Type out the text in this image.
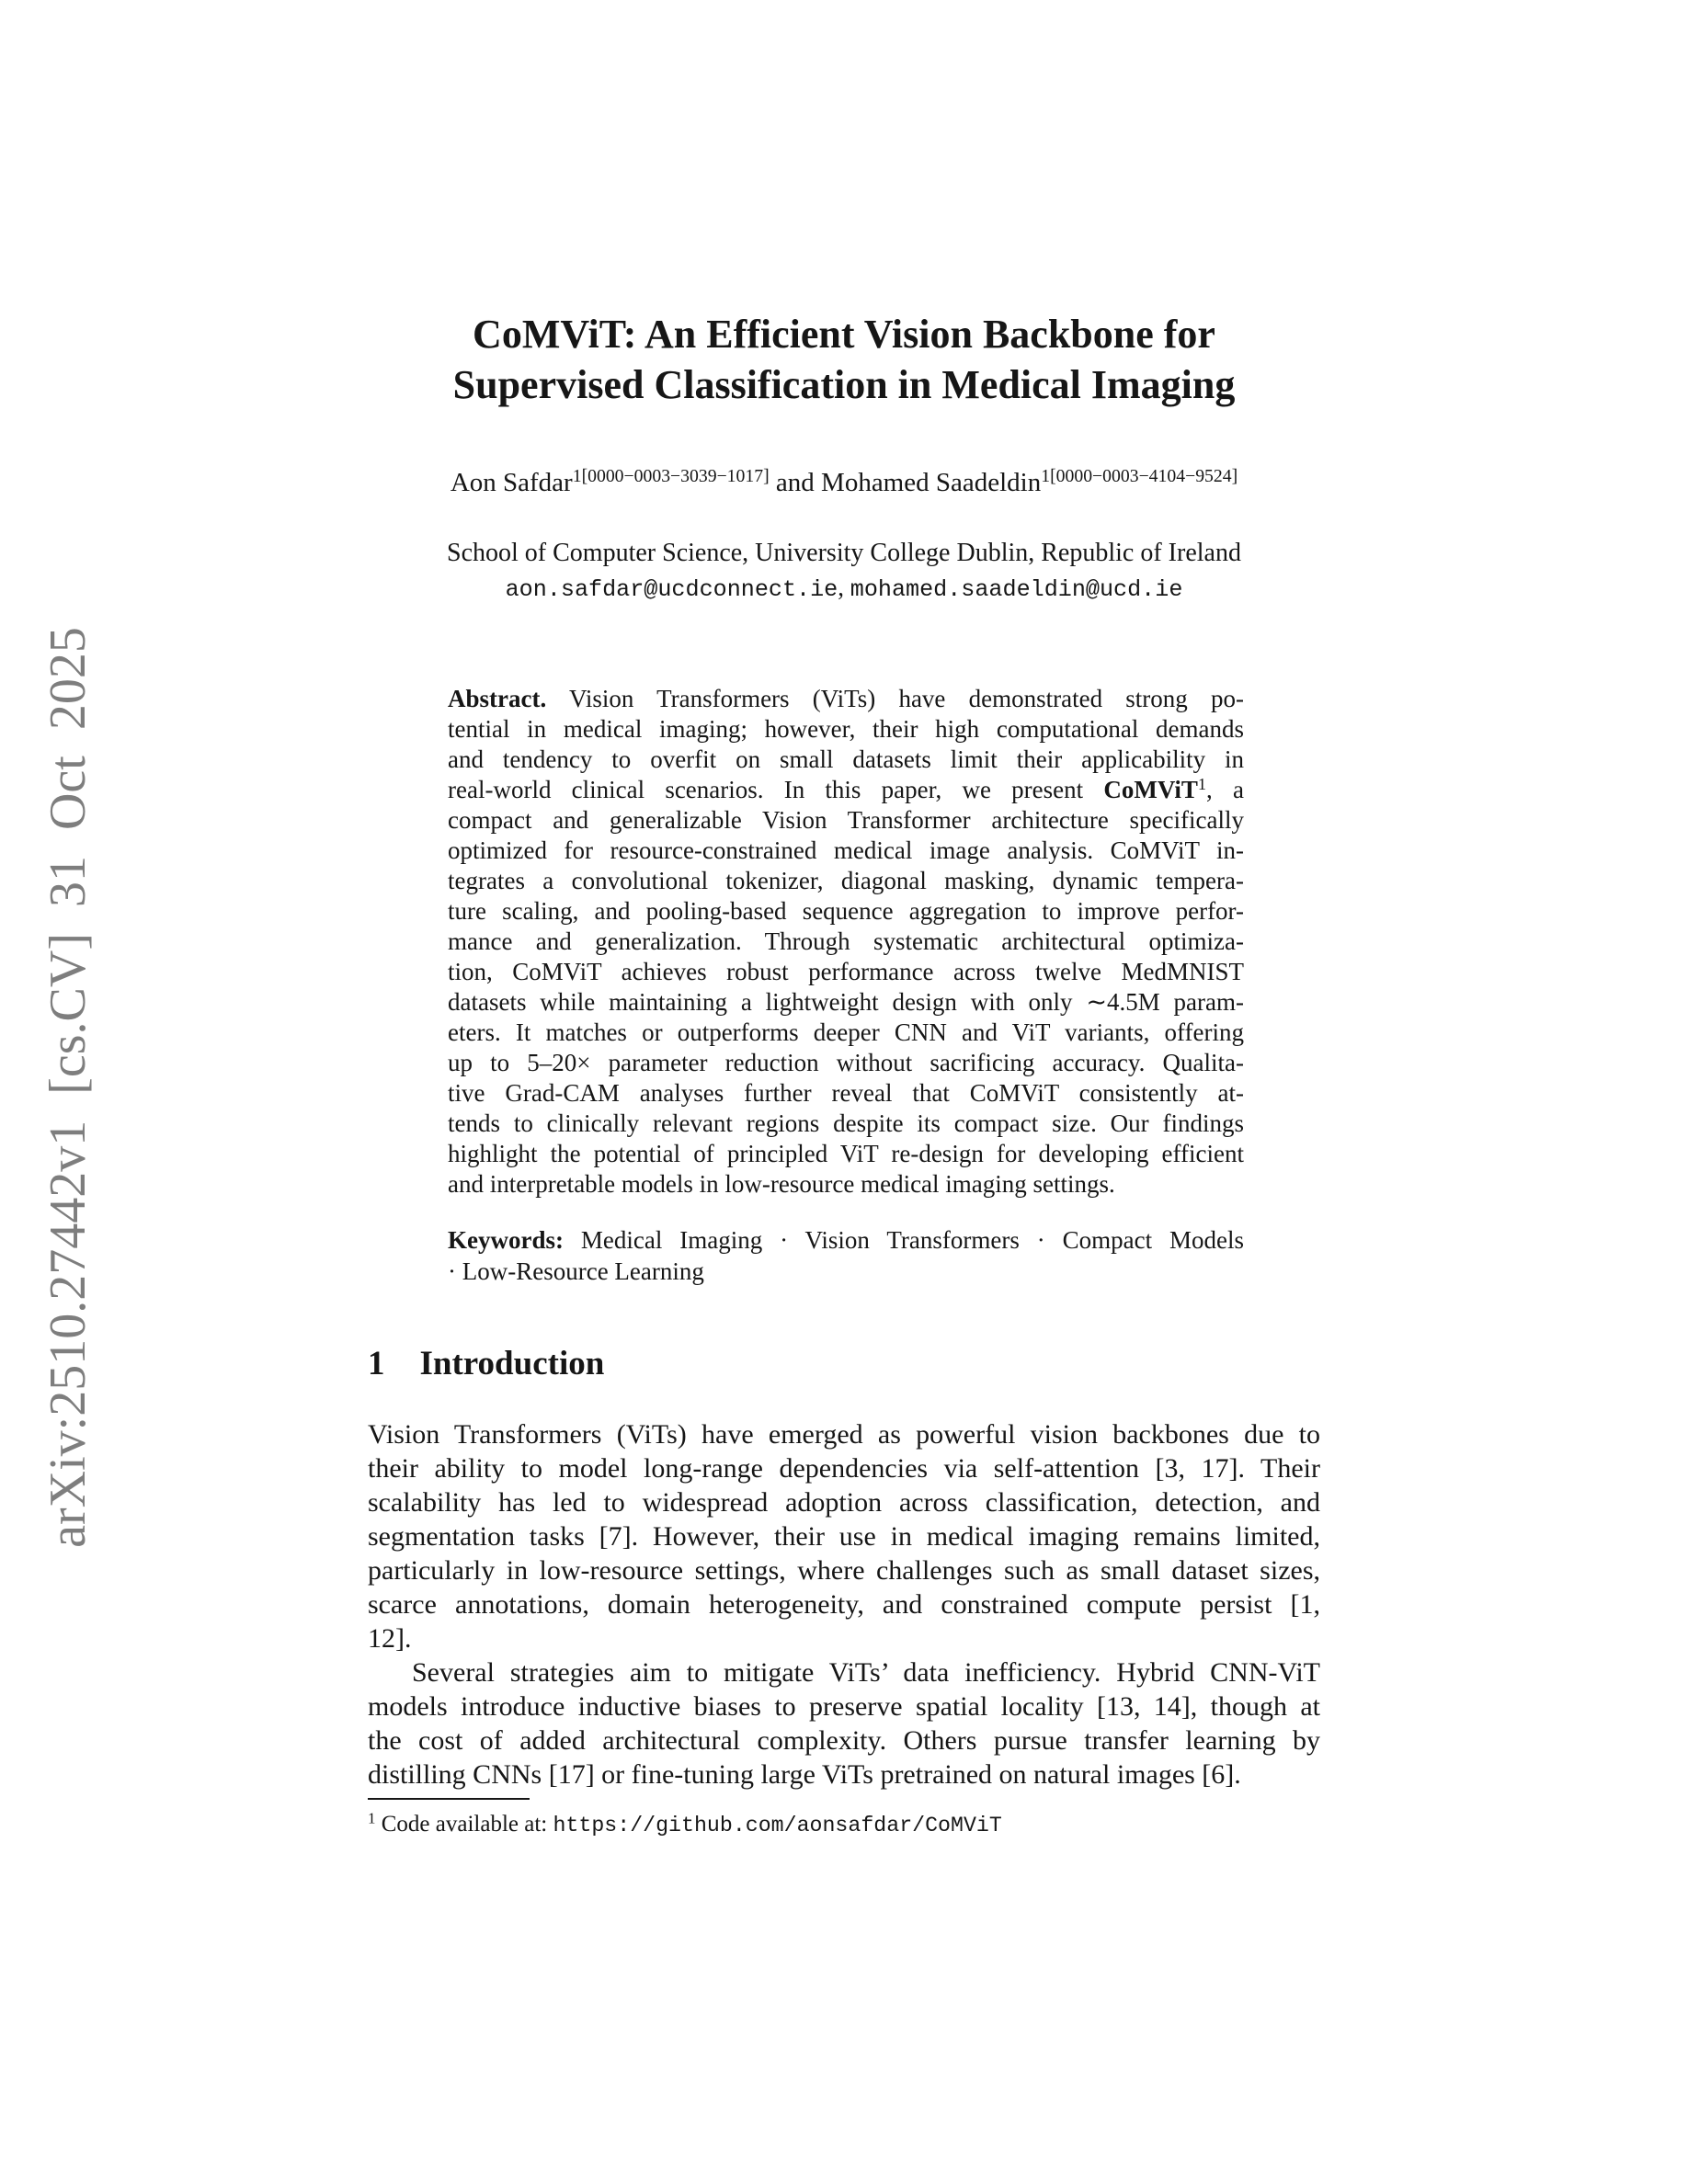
arXiv:2510.27442v1 [cs.CV] 31 Oct 2025
CoMViT: An Efficient Vision Backbone for
Supervised Classification in Medical Imaging
Aon Safdar$^{1[0000-0003-3039-1017]}$ and Mohamed Saadeldin$^{1[0000-0003-4104-9524]}$
School of Computer Science, University College Dublin, Republic of Ireland
aon.safdar@ucdconnect.ie, mohamed.saadeldin@ucd.ie
Abstract. Vision Transformers (ViTs) have demonstrated strong po-
tential in medical imaging; however, their high computational demands
and tendency to overfit on small datasets limit their applicability in
real-world clinical scenarios. In this paper, we present CoMViT$^1$, a
compact and generalizable Vision Transformer architecture specifically
optimized for resource-constrained medical image analysis. CoMViT in-
tegrates a convolutional tokenizer, diagonal masking, dynamic tempera-
ture scaling, and pooling-based sequence aggregation to improve perfor-
mance and generalization. Through systematic architectural optimiza-
tion, CoMViT achieves robust performance across twelve MedMNIST
datasets while maintaining a lightweight design with only ∼4.5M param-
eters. It matches or outperforms deeper CNN and ViT variants, offering
up to 5–20× parameter reduction without sacrificing accuracy. Qualita-
tive Grad-CAM analyses further reveal that CoMViT consistently at-
tends to clinically relevant regions despite its compact size. Our findings
highlight the potential of principled ViT re-design for developing efficient
and interpretable models in low-resource medical imaging settings.
Keywords: Medical Imaging · Vision Transformers · Compact Models
· Low-Resource Learning
1 Introduction
Vision Transformers (ViTs) have emerged as powerful vision backbones due to
their ability to model long-range dependencies via self-attention [3, 17]. Their
scalability has led to widespread adoption across classification, detection, and
segmentation tasks [7]. However, their use in medical imaging remains limited,
particularly in low-resource settings, where challenges such as small dataset sizes,
scarce annotations, domain heterogeneity, and constrained compute persist [1,
12].
Several strategies aim to mitigate ViTs’ data inefficiency. Hybrid CNN-ViT
models introduce inductive biases to preserve spatial locality [13, 14], though at
the cost of added architectural complexity. Others pursue transfer learning by
distilling CNNs [17] or fine-tuning large ViTs pretrained on natural images [6].
$^1$ Code available at: https://github.com/aonsafdar/CoMViT
